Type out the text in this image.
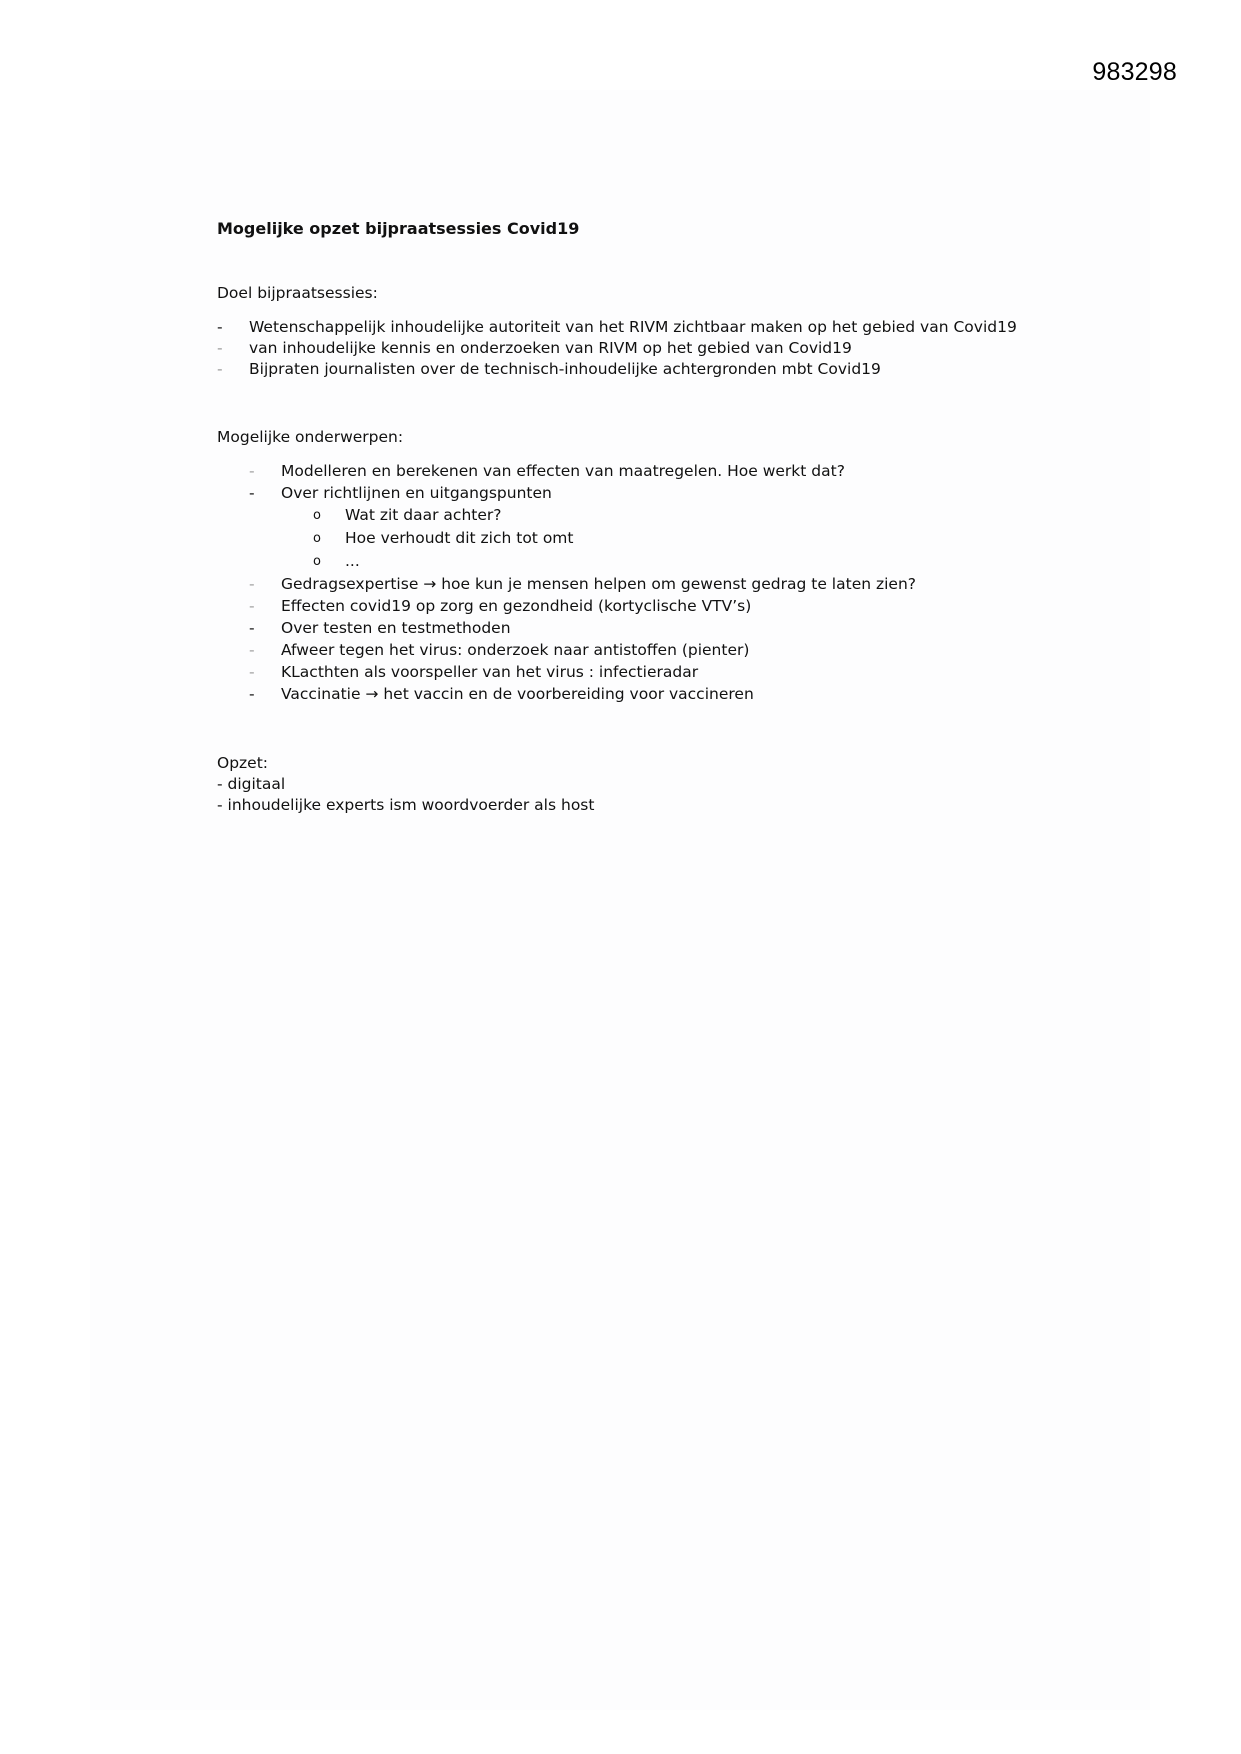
983298

Mogelijke opzet bijpraatsessies Covid19

Doel bijpraatsessies:

- Wetenschappelijk inhoudelijke autoriteit van het RIVM zichtbaar maken op het gebied van Covid19
- van inhoudelijke kennis en onderzoeken van RIVM op het gebied van Covid19
- Bijpraten journalisten over de technisch-inhoudelijke achtergronden mbt Covid19

Mogelijke onderwerpen:

- Modelleren en berekenen van effecten van maatregelen. Hoe werkt dat?
- Over richtlijnen en uitgangspunten
o Wat zit daar achter?
o Hoe verhoudt dit zich tot omt
o ...
- Gedragsexpertise → hoe kun je mensen helpen om gewenst gedrag te laten zien?
- Effecten covid19 op zorg en gezondheid (kortyclische VTV’s)
- Over testen en testmethoden
- Afweer tegen het virus: onderzoek naar antistoffen (pienter)
- KLacthten als voorspeller van het virus : infectieradar
- Vaccinatie → het vaccin en de voorbereiding voor vaccineren

Opzet:

- digitaal

- inhoudelijke experts ism woordvoerder als host
